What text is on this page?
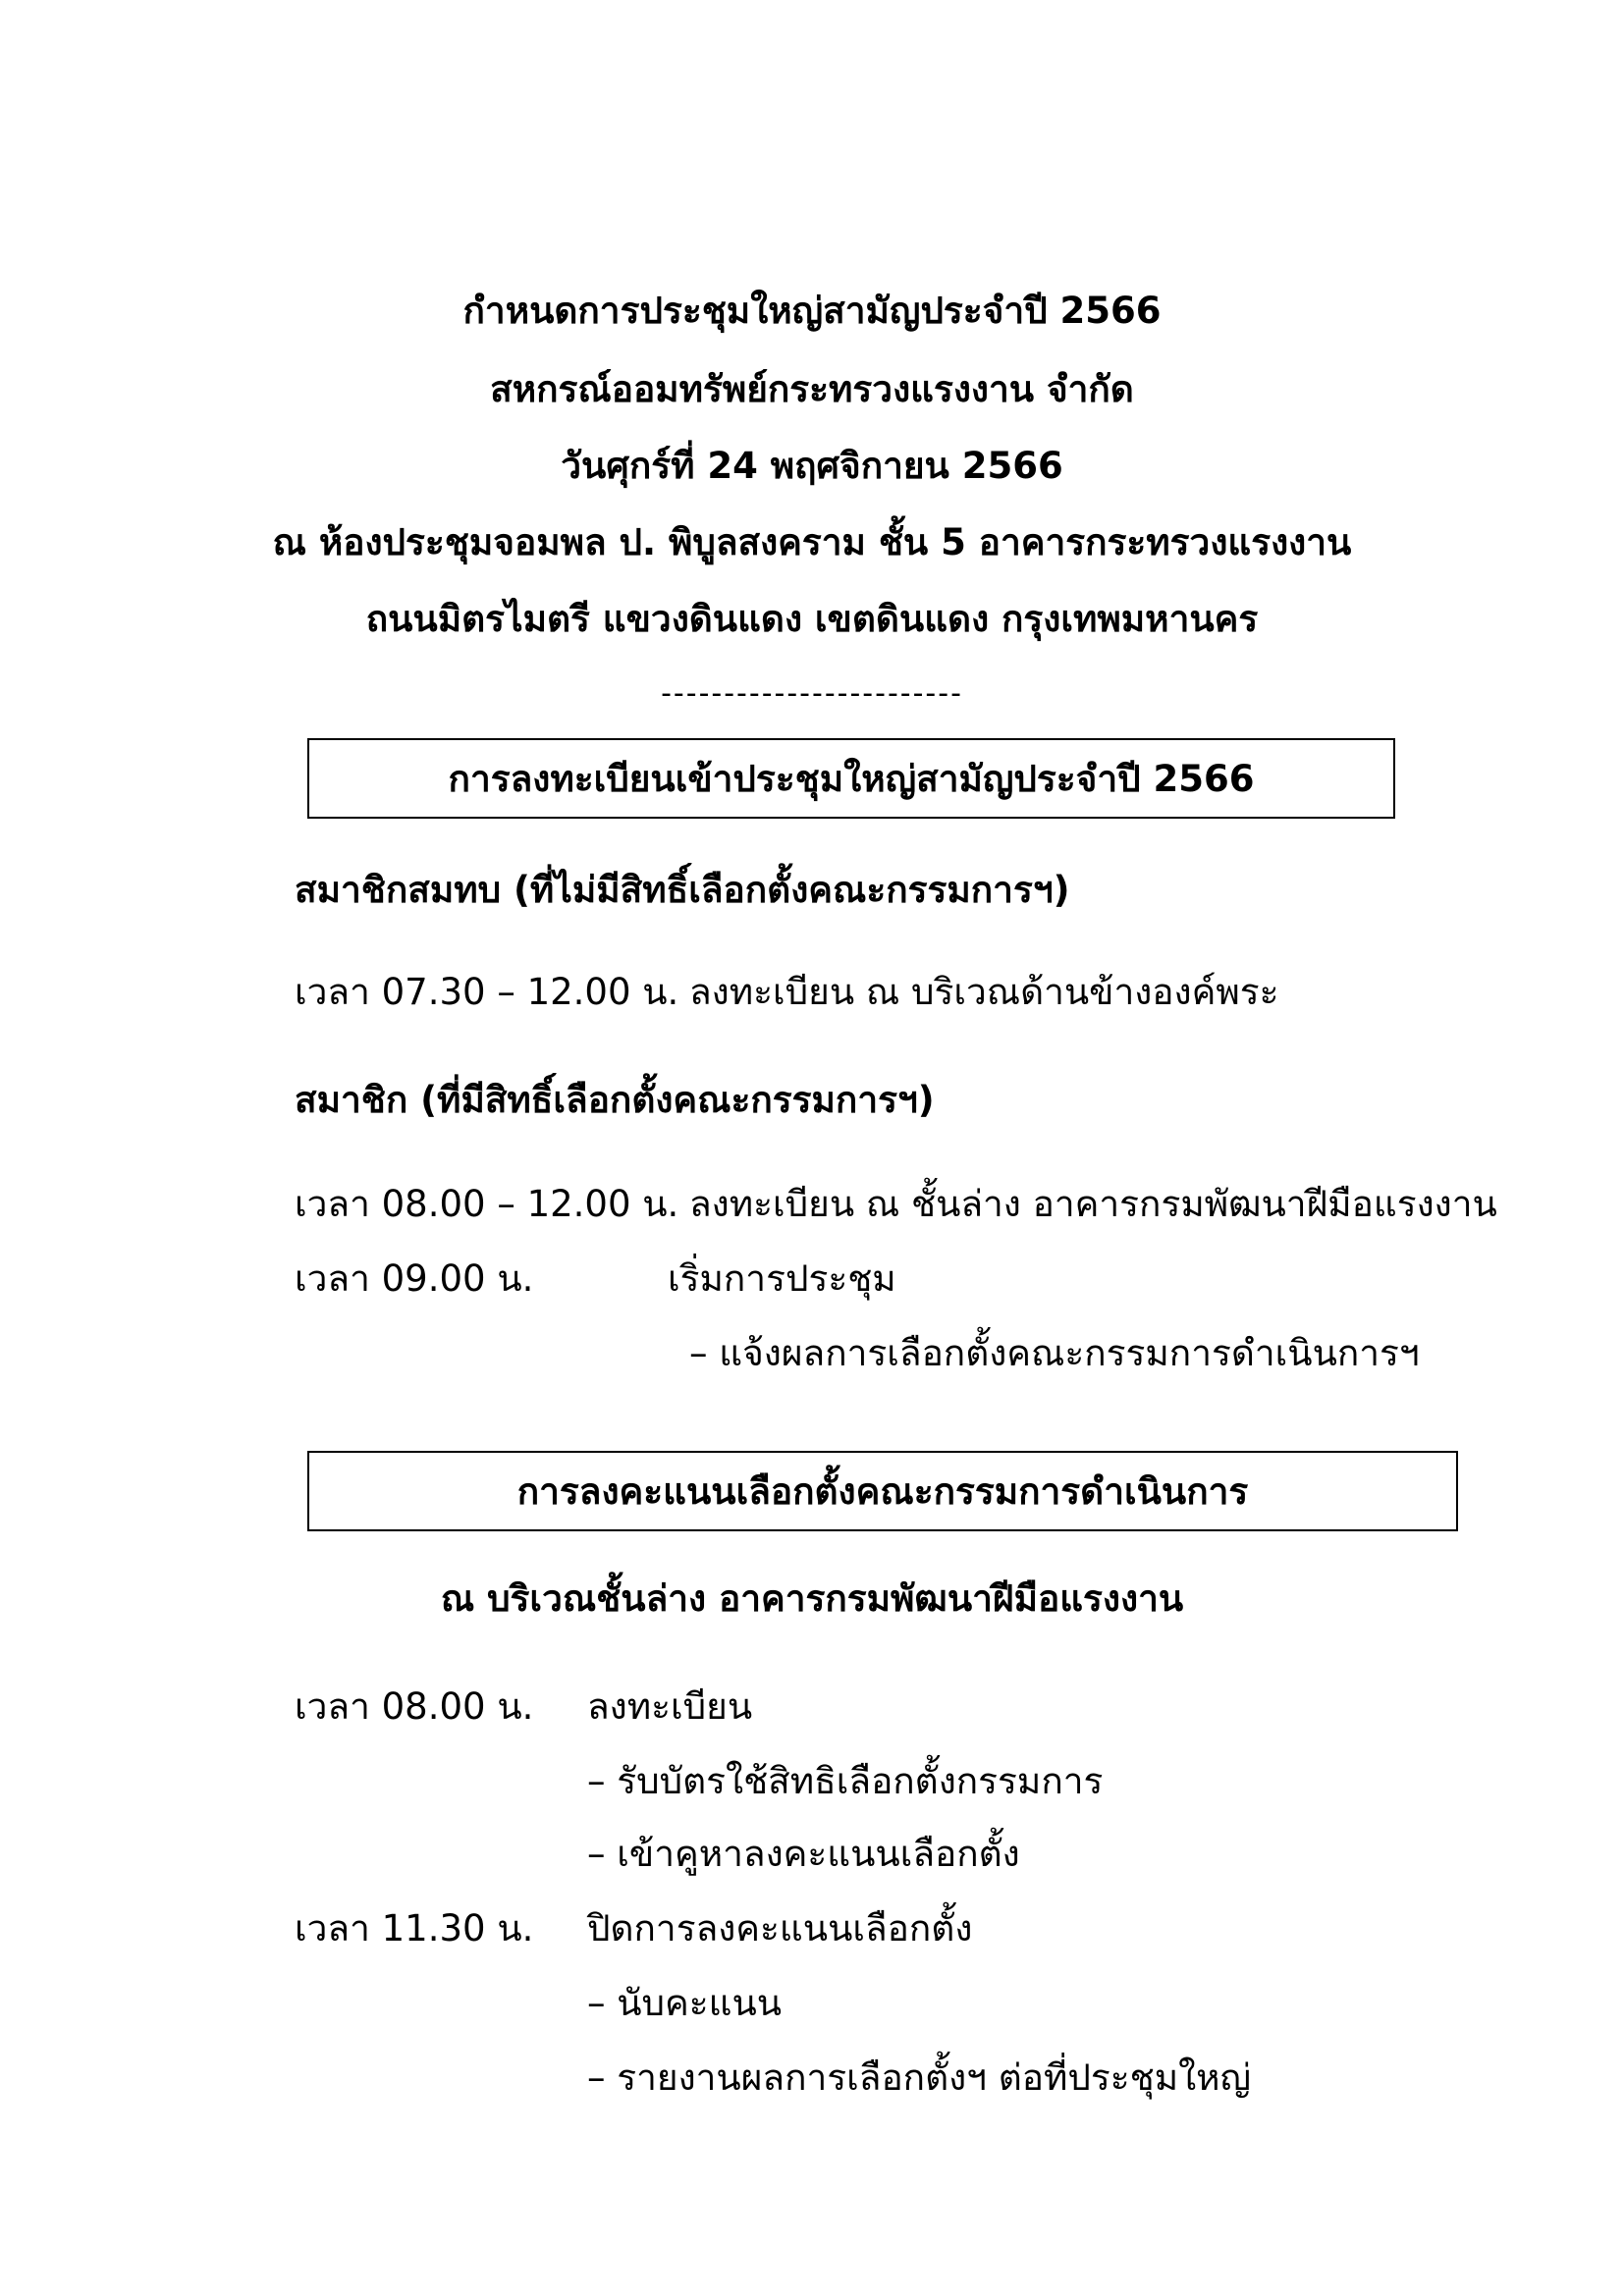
กำหนดการประชุมใหญ่สามัญประจำปี 2566
สหกรณ์ออมทรัพย์กระทรวงแรงงาน จำกัด
วันศุกร์ที่ 24 พฤศจิกายน 2566
ณ ห้องประชุมจอมพล ป. พิบูลสงคราม ชั้น 5 อาคารกระทรวงแรงงาน
ถนนมิตรไมตรี แขวงดินแดง เขตดินแดง กรุงเทพมหานคร
------------------------
การลงทะเบียนเข้าประชุมใหญ่สามัญประจำปี 2566
สมาชิกสมทบ (ที่ไม่มีสิทธิ์เลือกตั้งคณะกรรมการฯ)
เวลา 07.30 – 12.00 น. ลงทะเบียน ณ บริเวณด้านข้างองค์พระ
สมาชิก (ที่มีสิทธิ์เลือกตั้งคณะกรรมการฯ)
เวลา 08.00 – 12.00 น. ลงทะเบียน ณ ชั้นล่าง อาคารกรมพัฒนาฝีมือแรงงาน
เวลา 09.00 น.	เริ่มการประชุม
– แจ้งผลการเลือกตั้งคณะกรรมการดำเนินการฯ
การลงคะแนนเลือกตั้งคณะกรรมการดำเนินการ
ณ บริเวณชั้นล่าง อาคารกรมพัฒนาฝีมือแรงงาน
เวลา 08.00 น. ลงทะเบียน
– รับบัตรใช้สิทธิเลือกตั้งกรรมการ
– เข้าคูหาลงคะแนนเลือกตั้ง
เวลา 11.30 น. ปิดการลงคะแนนเลือกตั้ง
– นับคะแนน
– รายงานผลการเลือกตั้งฯ ต่อที่ประชุมใหญ่
